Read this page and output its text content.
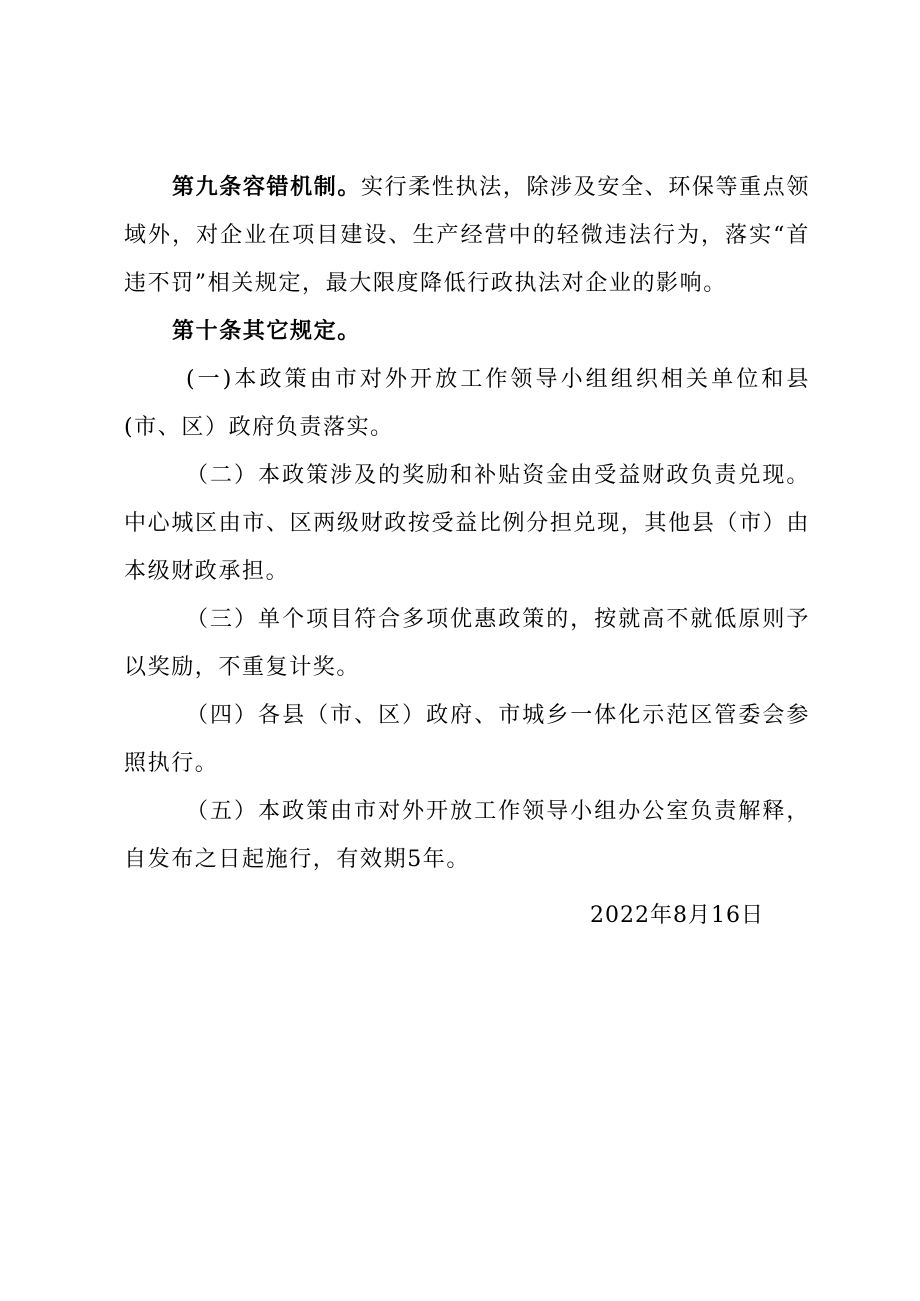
第九条容错机制。实行柔性执法，除涉及安全、环保等重点领域外，对企业在项目建设、生产经营中的轻微违法行为，落实“首违不罚”相关规定，最大限度降低行政执法对企业的影响。

第十条其它规定。

(一)本政策由市对外开放工作领导小组组织相关单位和县(市、区）政府负责落实。

（二）本政策涉及的奖励和补贴资金由受益财政负责兑现。中心城区由市、区两级财政按受益比例分担兑现，其他县（市）由本级财政承担。

（三）单个项目符合多项优惠政策的，按就高不就低原则予以奖励，不重复计奖。

（四）各县（市、区）政府、市城乡一体化示范区管委会参照执行。

（五）本政策由市对外开放工作领导小组办公室负责解释，自发布之日起施行，有效期5年。

2022年8月16日
